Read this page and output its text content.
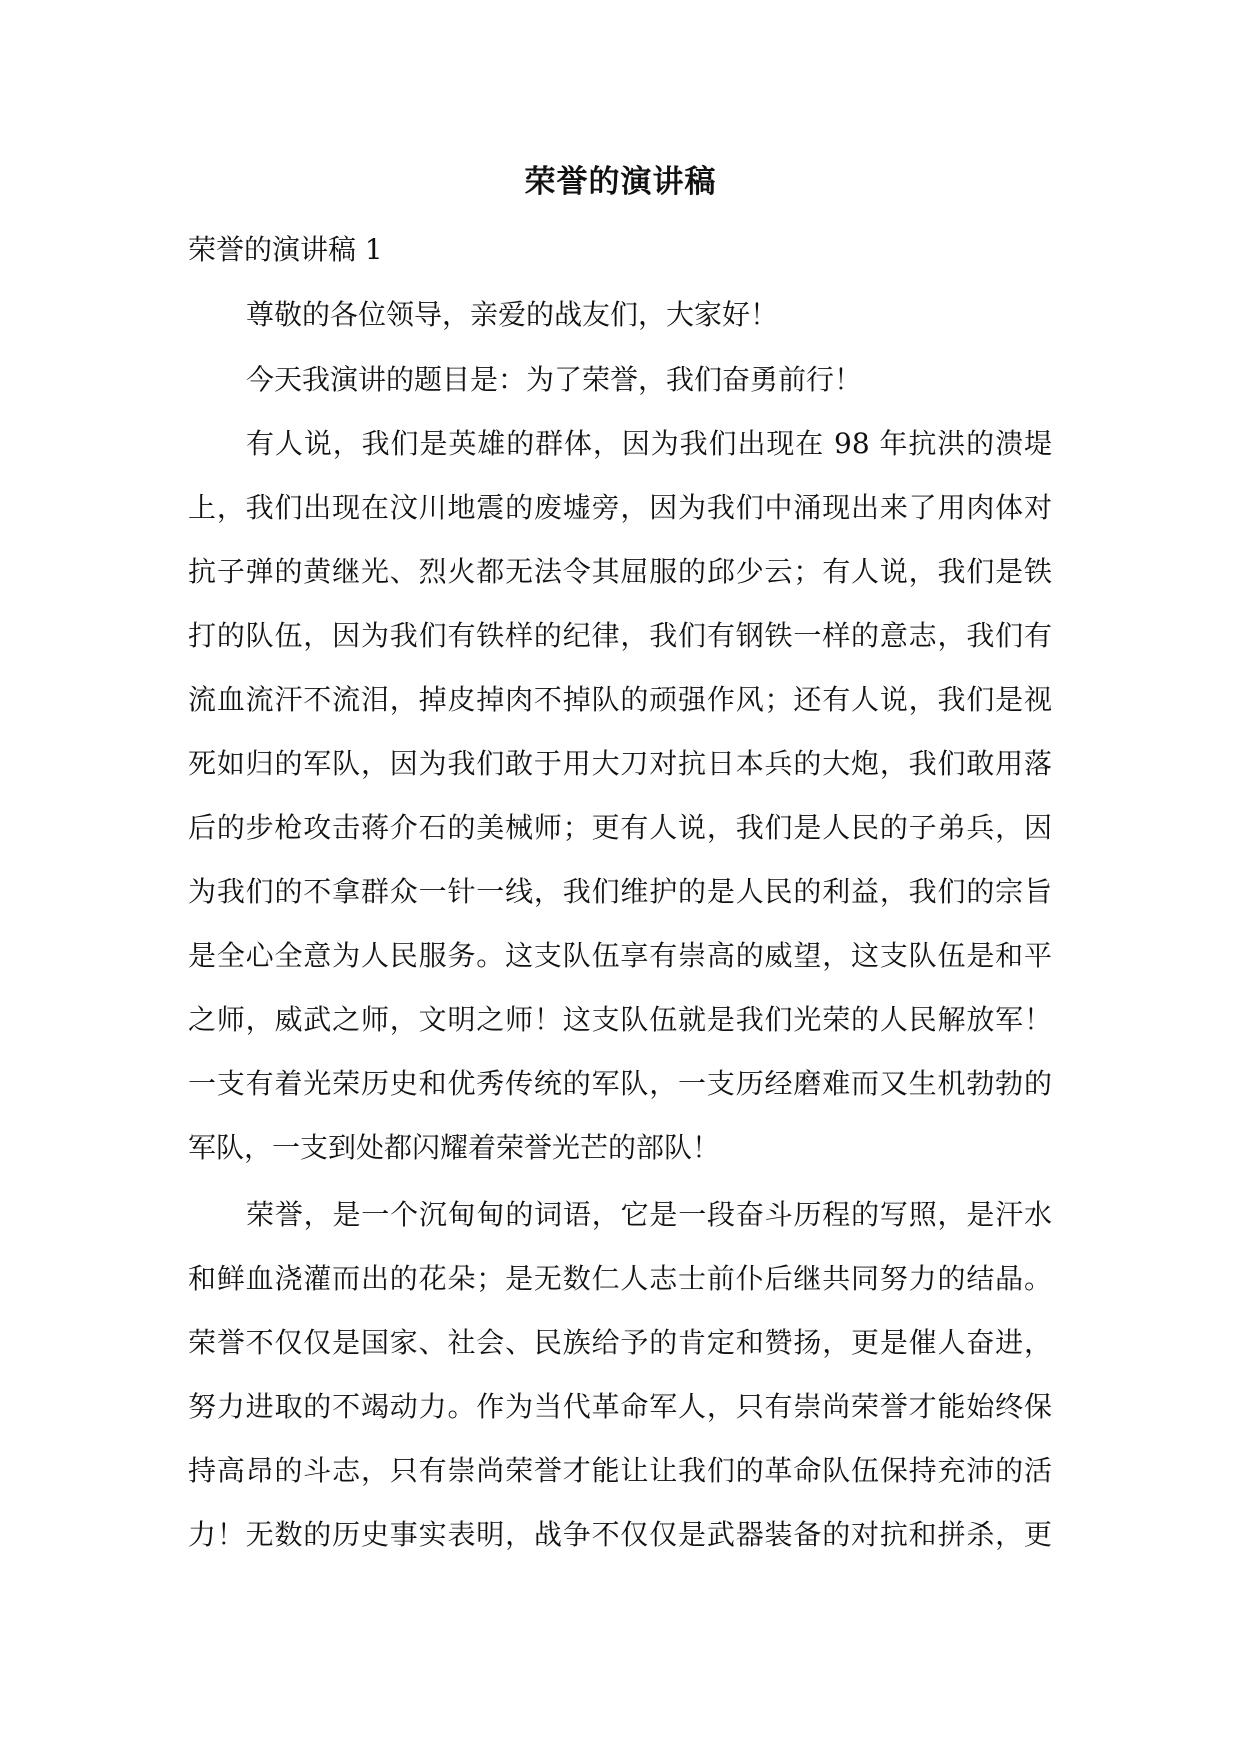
荣誉的演讲稿
荣誉的演讲稿 1
尊敬的各位领导，亲爱的战友们，大家好！
今天我演讲的题目是：为了荣誉，我们奋勇前行！
有人说，我们是英雄的群体，因为我们出现在 98 年抗洪的溃堤
上，我们出现在汶川地震的废墟旁，因为我们中涌现出来了用肉体对
抗子弹的黄继光、烈火都无法令其屈服的邱少云；有人说，我们是铁
打的队伍，因为我们有铁样的纪律，我们有钢铁一样的意志，我们有
流血流汗不流泪，掉皮掉肉不掉队的顽强作风；还有人说，我们是视
死如归的军队，因为我们敢于用大刀对抗日本兵的大炮，我们敢用落
后的步枪攻击蒋介石的美械师；更有人说，我们是人民的子弟兵，因
为我们的不拿群众一针一线，我们维护的是人民的利益，我们的宗旨
是全心全意为人民服务。这支队伍享有崇高的威望，这支队伍是和平
之师，威武之师，文明之师！这支队伍就是我们光荣的人民解放军！
一支有着光荣历史和优秀传统的军队，一支历经磨难而又生机勃勃的
军队，一支到处都闪耀着荣誉光芒的部队！
荣誉，是一个沉甸甸的词语，它是一段奋斗历程的写照，是汗水
和鲜血浇灌而出的花朵；是无数仁人志士前仆后继共同努力的结晶。
荣誉不仅仅是国家、社会、民族给予的肯定和赞扬，更是催人奋进，
努力进取的不竭动力。作为当代革命军人，只有崇尚荣誉才能始终保
持高昂的斗志，只有崇尚荣誉才能让让我们的革命队伍保持充沛的活
力！无数的历史事实表明，战争不仅仅是武器装备的对抗和拼杀，更
